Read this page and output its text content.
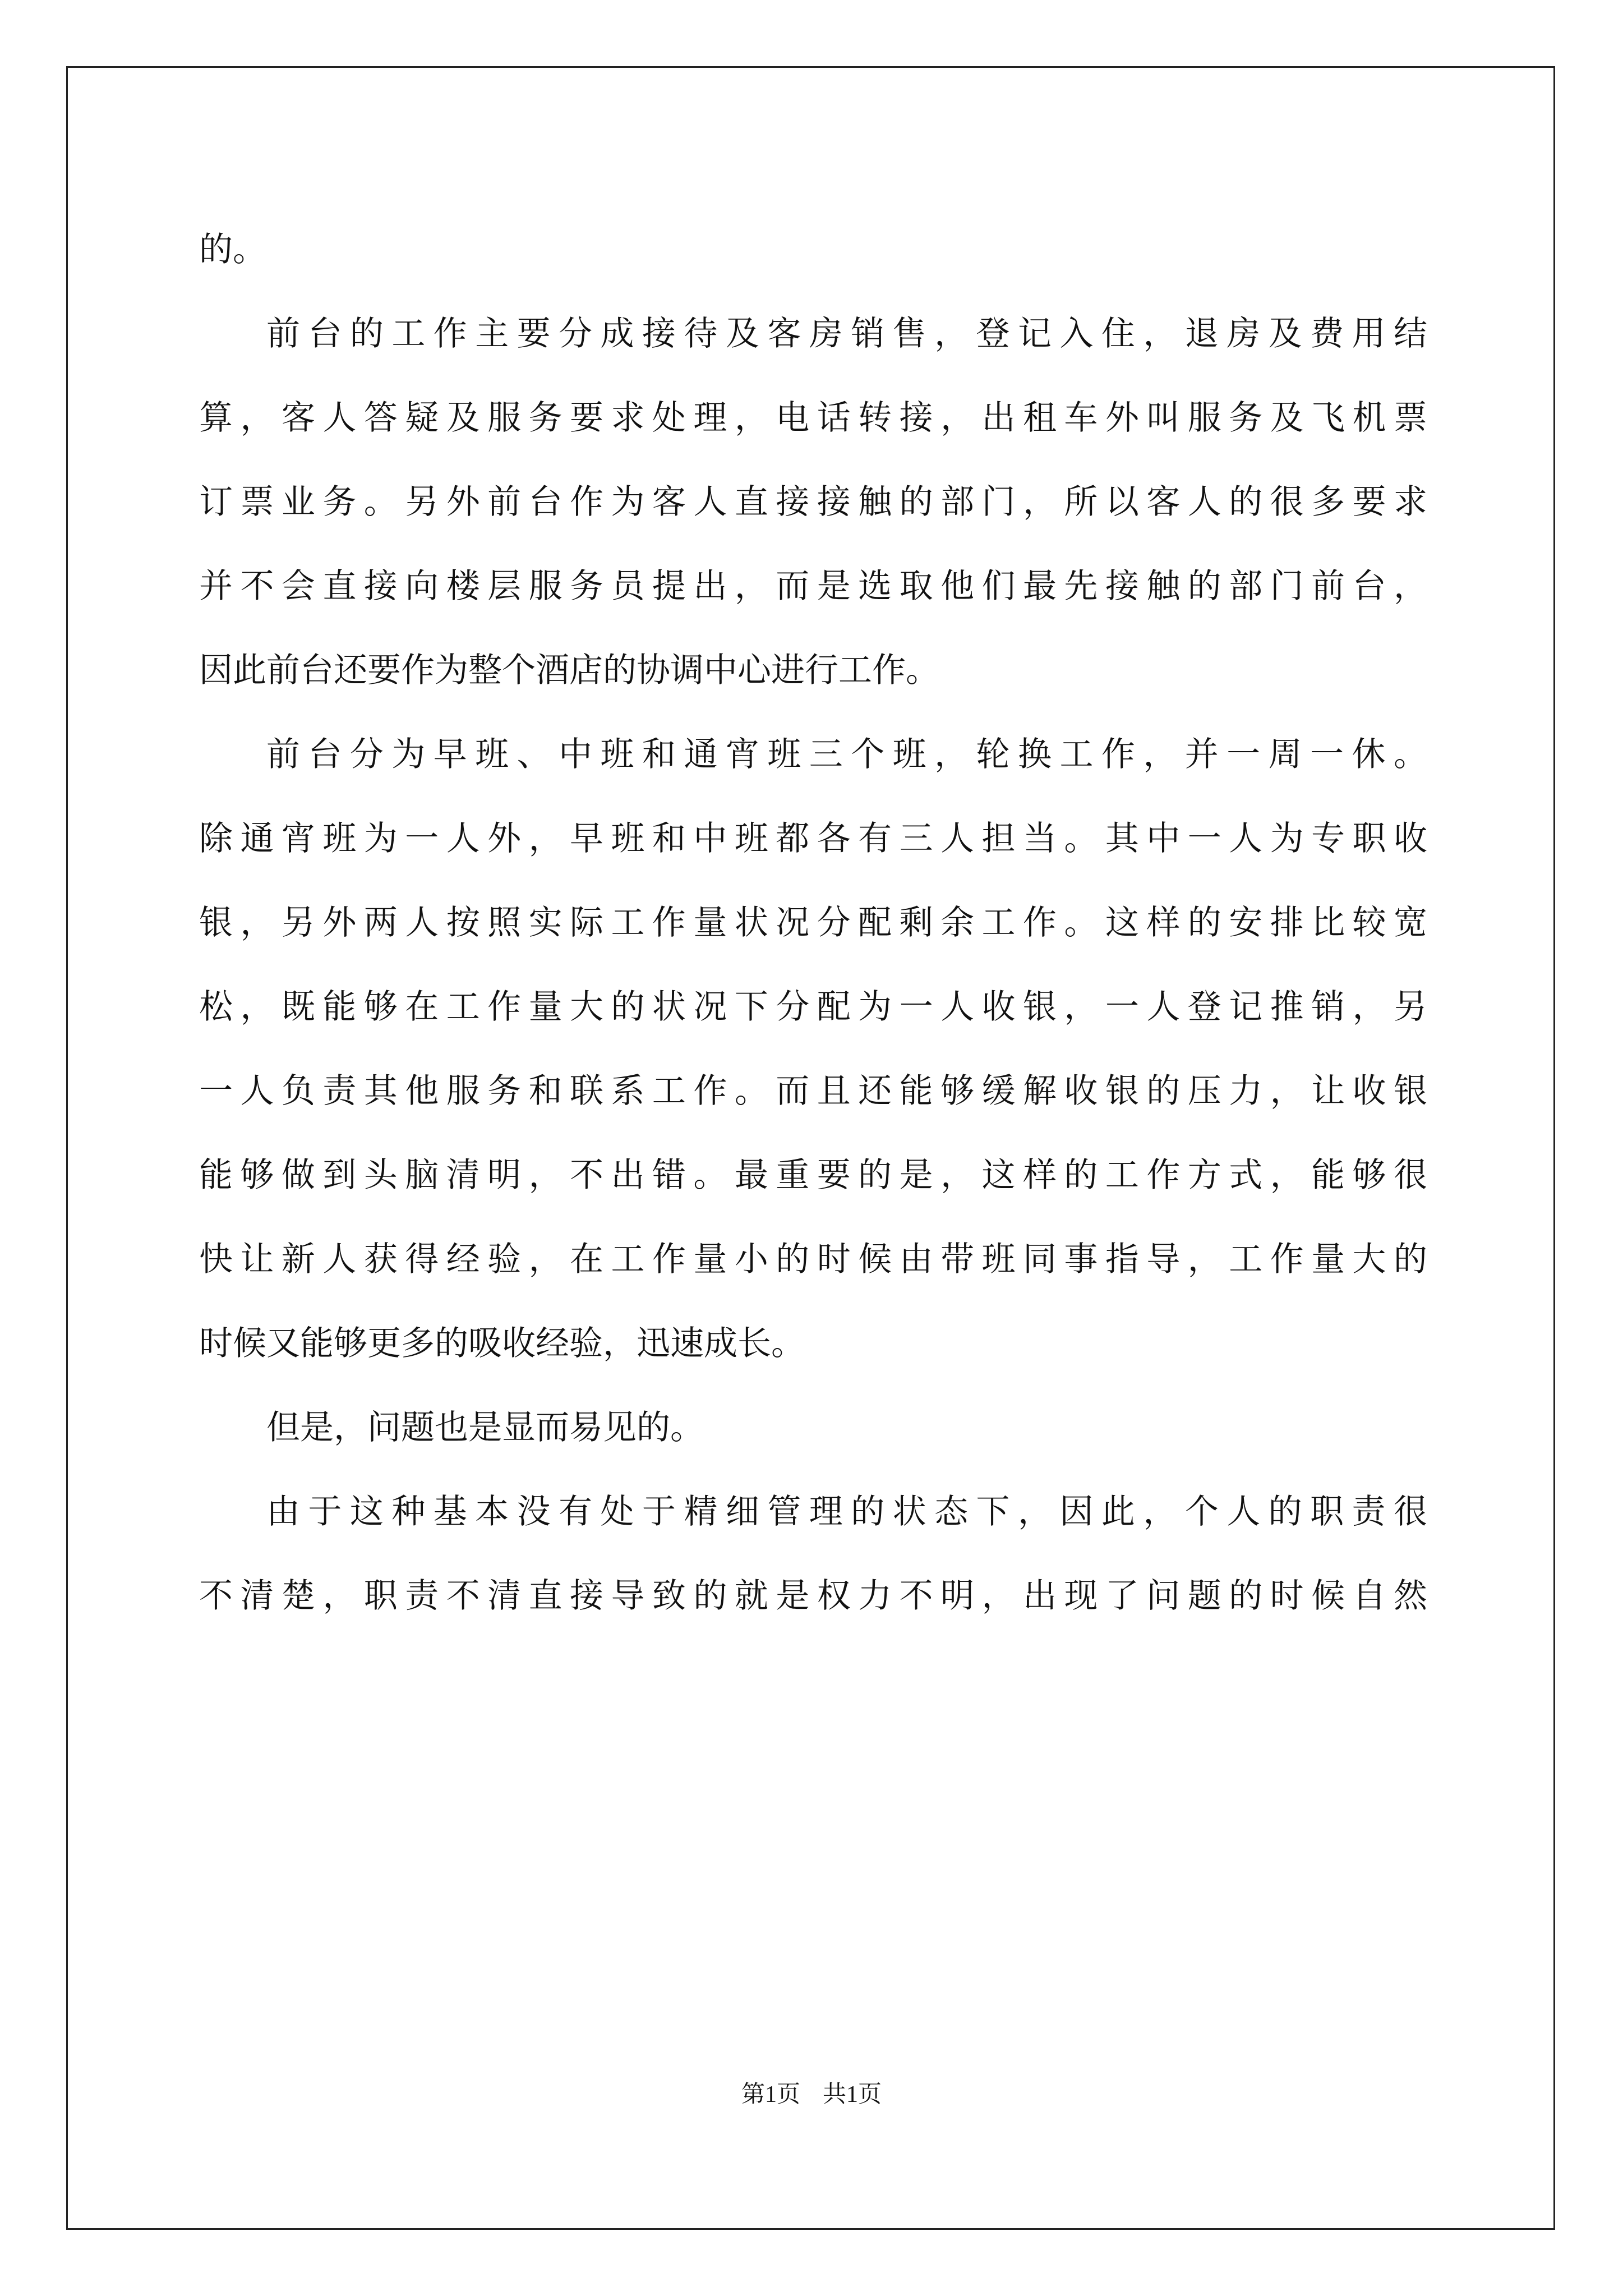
的。

前台的工作主要分成接待及客房销售，登记入住，退房及费用结
算，客人答疑及服务要求处理，电话转接，出租车外叫服务及飞机票
订票业务。另外前台作为客人直接接触的部门，所以客人的很多要求
并不会直接向楼层服务员提出，而是选取他们最先接触的部门前台，
因此前台还要作为整个酒店的协调中心进行工作。

前台分为早班、中班和通宵班三个班，轮换工作，并一周一休。
除通宵班为一人外，早班和中班都各有三人担当。其中一人为专职收
银，另外两人按照实际工作量状况分配剩余工作。这样的安排比较宽
松，既能够在工作量大的状况下分配为一人收银，一人登记推销，另
一人负责其他服务和联系工作。而且还能够缓解收银的压力，让收银
能够做到头脑清明，不出错。最重要的是，这样的工作方式，能够很
快让新人获得经验，在工作量小的时候由带班同事指导，工作量大的
时候又能够更多的吸收经验，迅速成长。

但是，问题也是显而易见的。

由于这种基本没有处于精细管理的状态下，因此，个人的职责很
不清楚，职责不清直接导致的就是权力不明，出现了问题的时候自然

第1页 共1页
